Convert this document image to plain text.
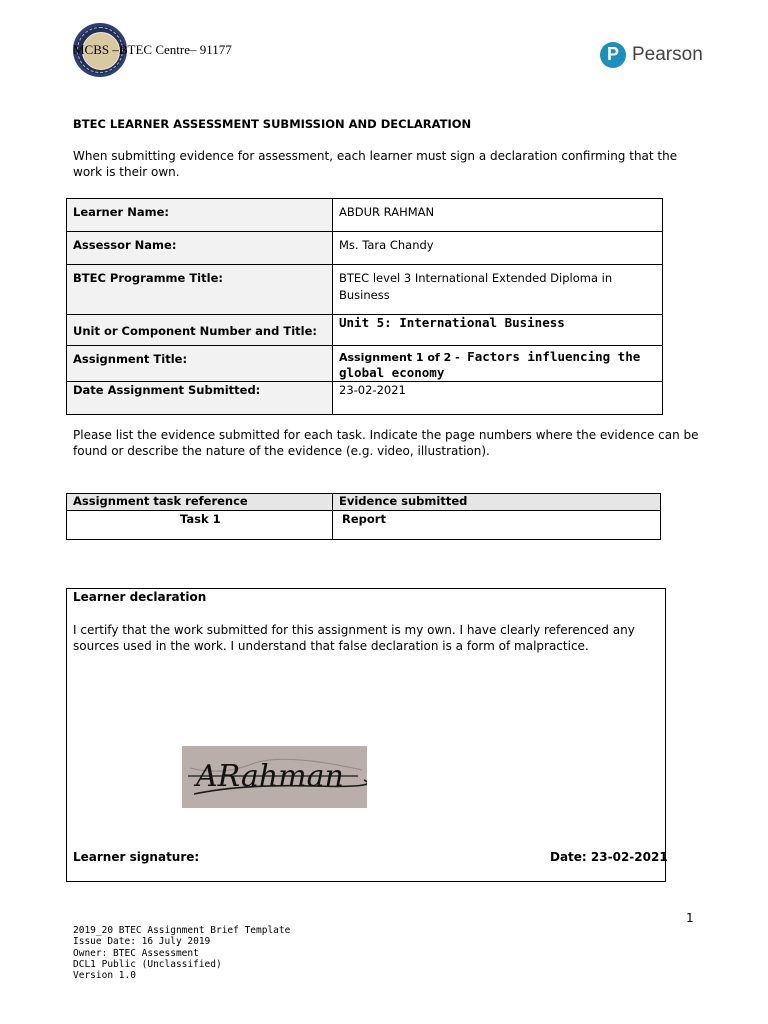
MCBS –BTEC Centre– 91177	P Pearson
BTEC LEARNER ASSESSMENT SUBMISSION AND DECLARATION
When submitting evidence for assessment, each learner must sign a declaration confirming that the work is their own.
Learner Name:	ABDUR RAHMAN
Assessor Name:	Ms. Tara Chandy
BTEC Programme Title:	BTEC level 3 International Extended Diploma in Business
Unit or Component Number and Title:	Unit 5: International Business
Assignment Title:	Assignment 1 of 2 - Factors influencing the global economy
Date Assignment Submitted:	23-02-2021
Please list the evidence submitted for each task. Indicate the page numbers where the evidence can be found or describe the nature of the evidence (e.g. video, illustration).
Assignment task reference	Evidence submitted
Task 1	Report
Learner declaration
I certify that the work submitted for this assignment is my own. I have clearly referenced any sources used in the work. I understand that false declaration is a form of malpractice.
ARahman
Learner signature:	Date: 23-02-2021
1
2019_20 BTEC Assignment Brief Template
Issue Date: 16 July 2019
Owner: BTEC Assessment
DCL1 Public (Unclassified)
Version 1.0
